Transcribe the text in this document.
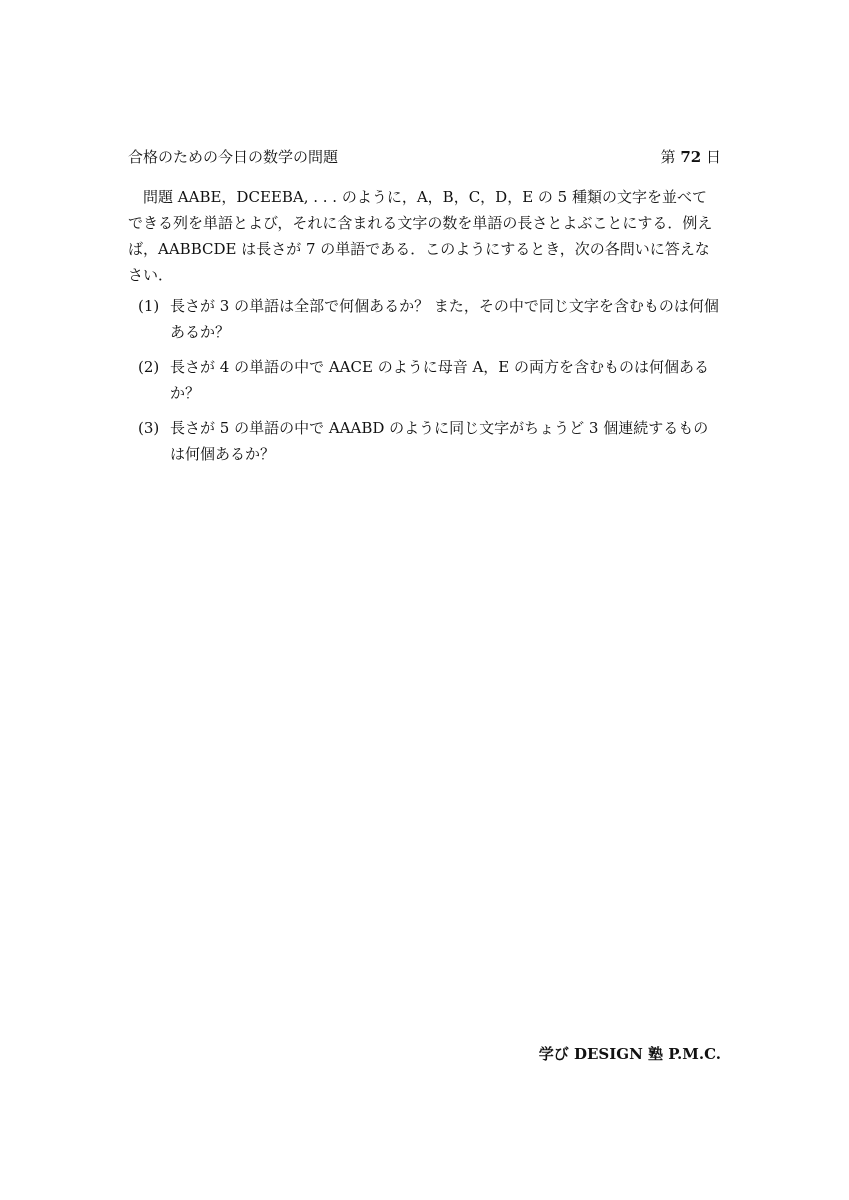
合格のための今日の数学の問題	第 72 日

問題 AABE，DCEEBA, . . . のように，A，B，C，D，E の 5 種類の文字を並べてできる列を単語とよび，それに含まれる文字の数を単語の長さとよぶことにする．例えば，AABBCDE は長さが 7 の単語である．このようにするとき，次の各問いに答えなさい．

(1) 長さが 3 の単語は全部で何個あるか？ また，その中で同じ文字を含むものは何個あるか？
(2) 長さが 4 の単語の中で AACE のように母音 A，E の両方を含むものは何個あるか？
(3) 長さが 5 の単語の中で AAABD のように同じ文字がちょうど 3 個連続するものは何個あるか？
学び DESIGN 塾 P.M.C.
